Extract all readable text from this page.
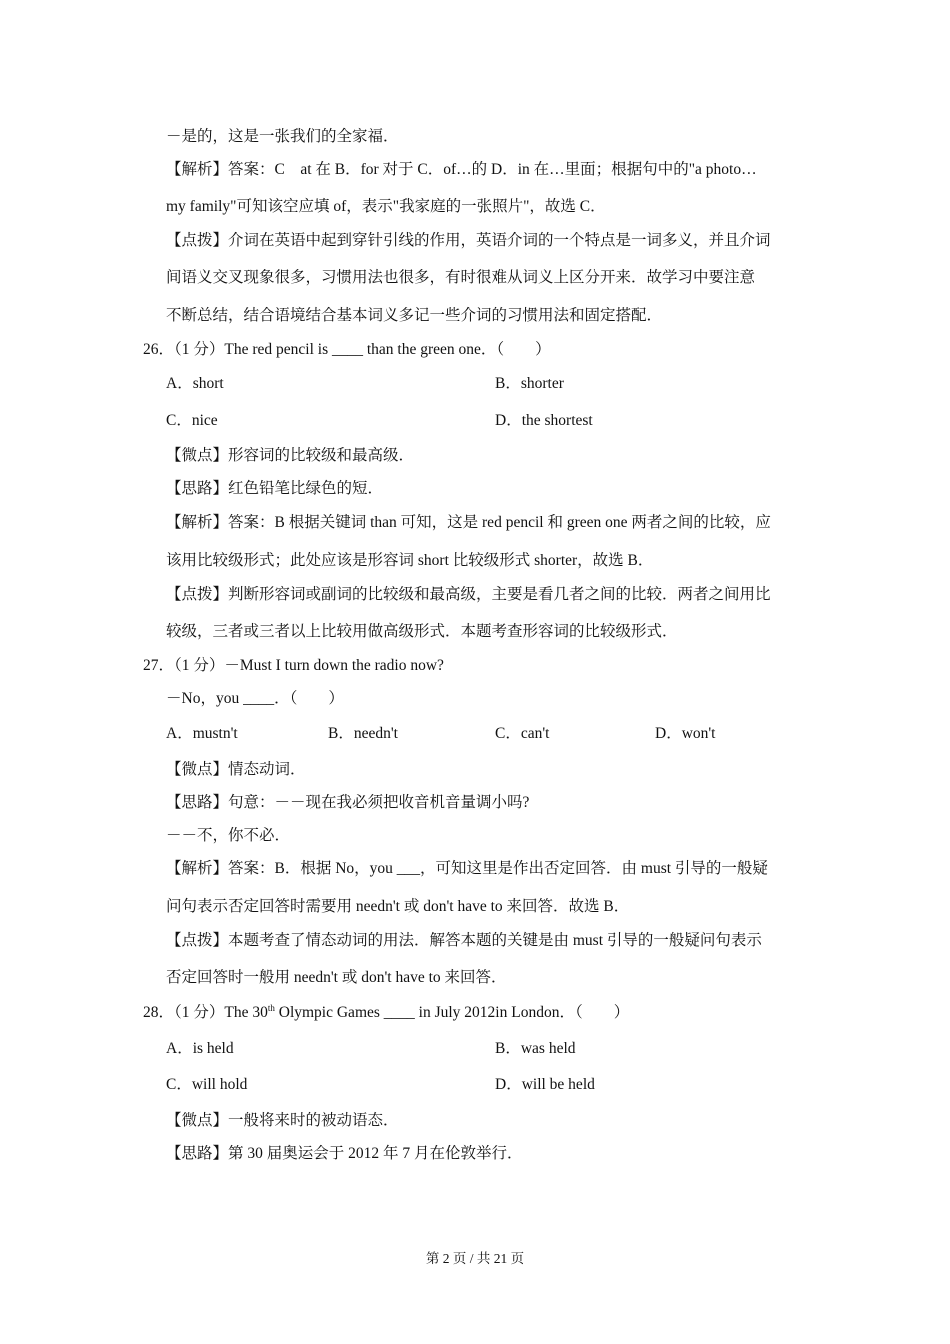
－是的，这是一张我们的全家福．
【解析】答案：C　at 在 B．for 对于 C．of…的 D．in 在…里面；根据句中的"a photo…
my family"可知该空应填 of，表示"我家庭的一张照片"，故选 C．
【点拨】介词在英语中起到穿针引线的作用，英语介词的一个特点是一词多义，并且介词
间语义交叉现象很多，习惯用法也很多，有时很难从词义上区分开来．故学习中要注意
不断总结，结合语境结合基本词义多记一些介词的习惯用法和固定搭配．
26．（1 分）The red pencil is ____ than the green one．（　　）
A．short	B．shorter
C．nice	D．the shortest
【微点】形容词的比较级和最高级．
【思路】红色铅笔比绿色的短．
【解析】答案：B 根据关键词 than 可知，这是 red pencil 和 green one 两者之间的比较，应
该用比较级形式；此处应该是形容词 short 比较级形式 shorter，故选 B．
【点拨】判断形容词或副词的比较级和最高级，主要是看几者之间的比较．两者之间用比
较级，三者或三者以上比较用做高级形式．本题考查形容词的比较级形式．
27．（1 分）－Must I turn down the radio now?
－No，you ____．（　　）
A．mustn't	B．needn't	C．can't	D．won't
【微点】情态动词．
【思路】句意：－－现在我必须把收音机音量调小吗?
－－不，你不必．
【解析】答案：B．根据 No，you ___，可知这里是作出否定回答．由 must 引导的一般疑
问句表示否定回答时需要用 needn't 或 don't have to 来回答．故选 B．
【点拨】本题考查了情态动词的用法．解答本题的关键是由 must 引导的一般疑问句表示
否定回答时一般用 needn't 或 don't have to 来回答．
28．（1 分）The 30th Olympic Games ____ in July 2012in London．（　　）
A．is held	B．was held
C．will hold	D．will be held
【微点】一般将来时的被动语态．
【思路】第 30 届奥运会于 2012 年 7 月在伦敦举行．
第 2 页 / 共 21 页
